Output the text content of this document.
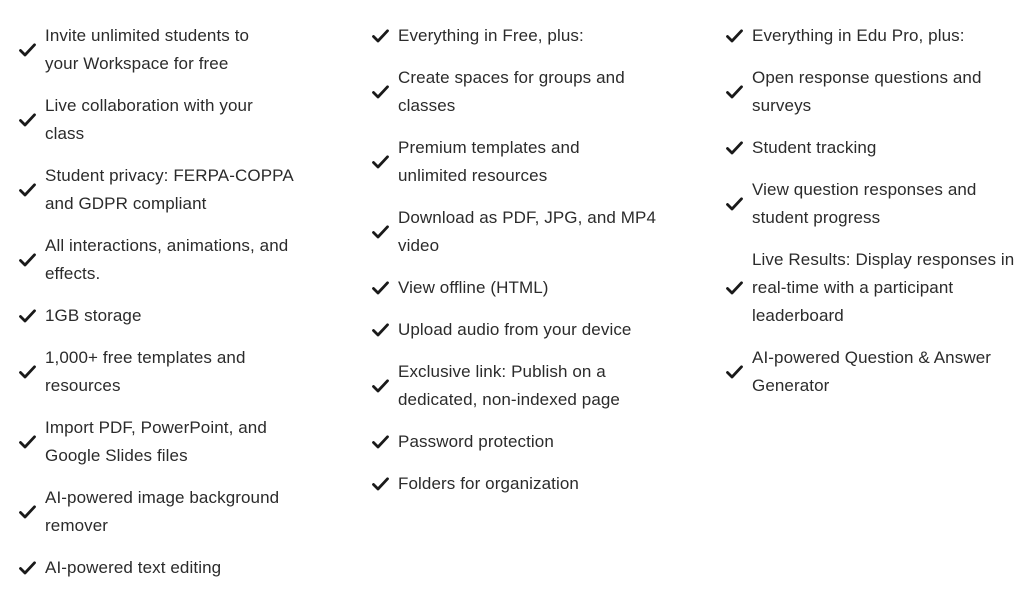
Invite unlimited students to your Workspace for free
Live collaboration with your class
Student privacy: FERPA-COPPA and GDPR compliant
All interactions, animations, and effects.
1GB storage
1,000+ free templates and resources
Import PDF, PowerPoint, and Google Slides files
AI-powered image background remover
AI-powered text editing
Everything in Free, plus:
Create spaces for groups and classes
Premium templates and unlimited resources
Download as PDF, JPG, and MP4 video
View offline (HTML)
Upload audio from your device
Exclusive link: Publish on a dedicated, non-indexed page
Password protection
Folders for organization
Everything in Edu Pro, plus:
Open response questions and surveys
Student tracking
View question responses and student progress
Live Results: Display responses in real-time with a participant leaderboard
AI-powered Question & Answer Generator
